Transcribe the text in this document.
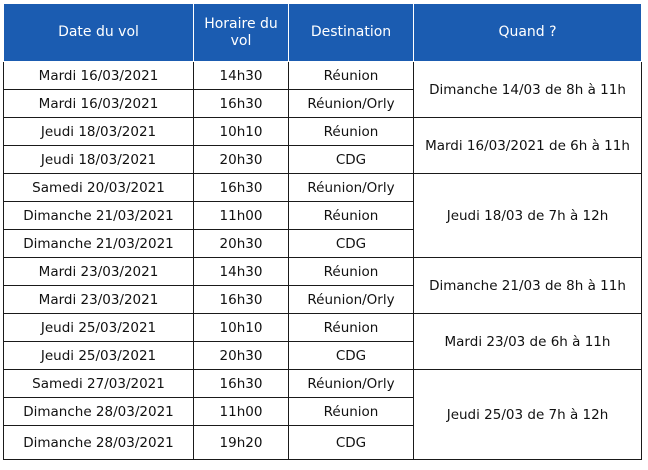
Date du vol	Horaire du vol	Destination	Quand ?
Mardi 16/03/2021	14h30	Réunion	Dimanche 14/03 de 8h à 11h
Mardi 16/03/2021	16h30	Réunion/Orly	
Jeudi 18/03/2021	10h10	Réunion	Mardi 16/03/2021 de 6h à 11h
Jeudi 18/03/2021	20h30	CDG	
Samedi 20/03/2021	16h30	Réunion/Orly	Jeudi 18/03 de 7h à 12h
Dimanche 21/03/2021	11h00	Réunion	
Dimanche 21/03/2021	20h30	CDG	
Mardi 23/03/2021	14h30	Réunion	Dimanche 21/03 de 8h à 11h
Mardi 23/03/2021	16h30	Réunion/Orly	
Jeudi 25/03/2021	10h10	Réunion	Mardi 23/03 de 6h à 11h
Jeudi 25/03/2021	20h30	CDG	
Samedi 27/03/2021	16h30	Réunion/Orly	Jeudi 25/03 de 7h à 12h
Dimanche 28/03/2021	11h00	Réunion	
Dimanche 28/03/2021	19h20	CDG	
